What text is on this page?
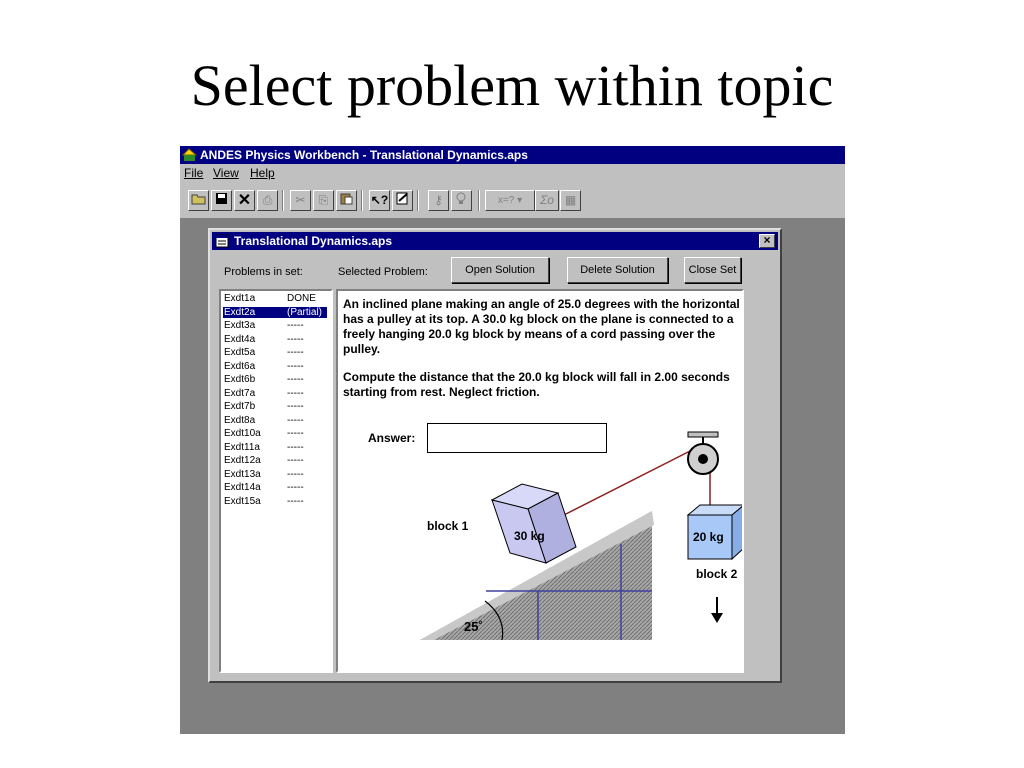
Select problem within topic
ANDES Physics Workbench - Translational Dynamics.aps
File View Help
✕ ⎙	✂	⎘	↖?	⚷	x=? ▾	Σo ▦
Translational Dynamics.aps	×
Problems in set:	Selected Problem:	Open Solution	Delete Solution	Close Set
Exdt1a	DONE
Exdt2a	(Partial)
Exdt3a	-----
Exdt4a	-----
Exdt5a	-----
Exdt6a	-----
Exdt6b	-----
Exdt7a	-----
Exdt7b	-----
Exdt8a	-----
Exdt10a	-----
Exdt11a	-----
Exdt12a	-----
Exdt13a	-----
Exdt14a	-----
Exdt15a	-----

An inclined plane making an angle of 25.0 degrees with the horizontal has a pulley at its top. A 30.0 kg block on the plane is connected to a freely hanging 20.0 kg block by means of a cord passing over the pulley.

Compute the distance that the 20.0 kg block will fall in 2.00 seconds starting from rest. Neglect friction.

Answer:
25˚
30 kg
block 1
20 kg
block 2
